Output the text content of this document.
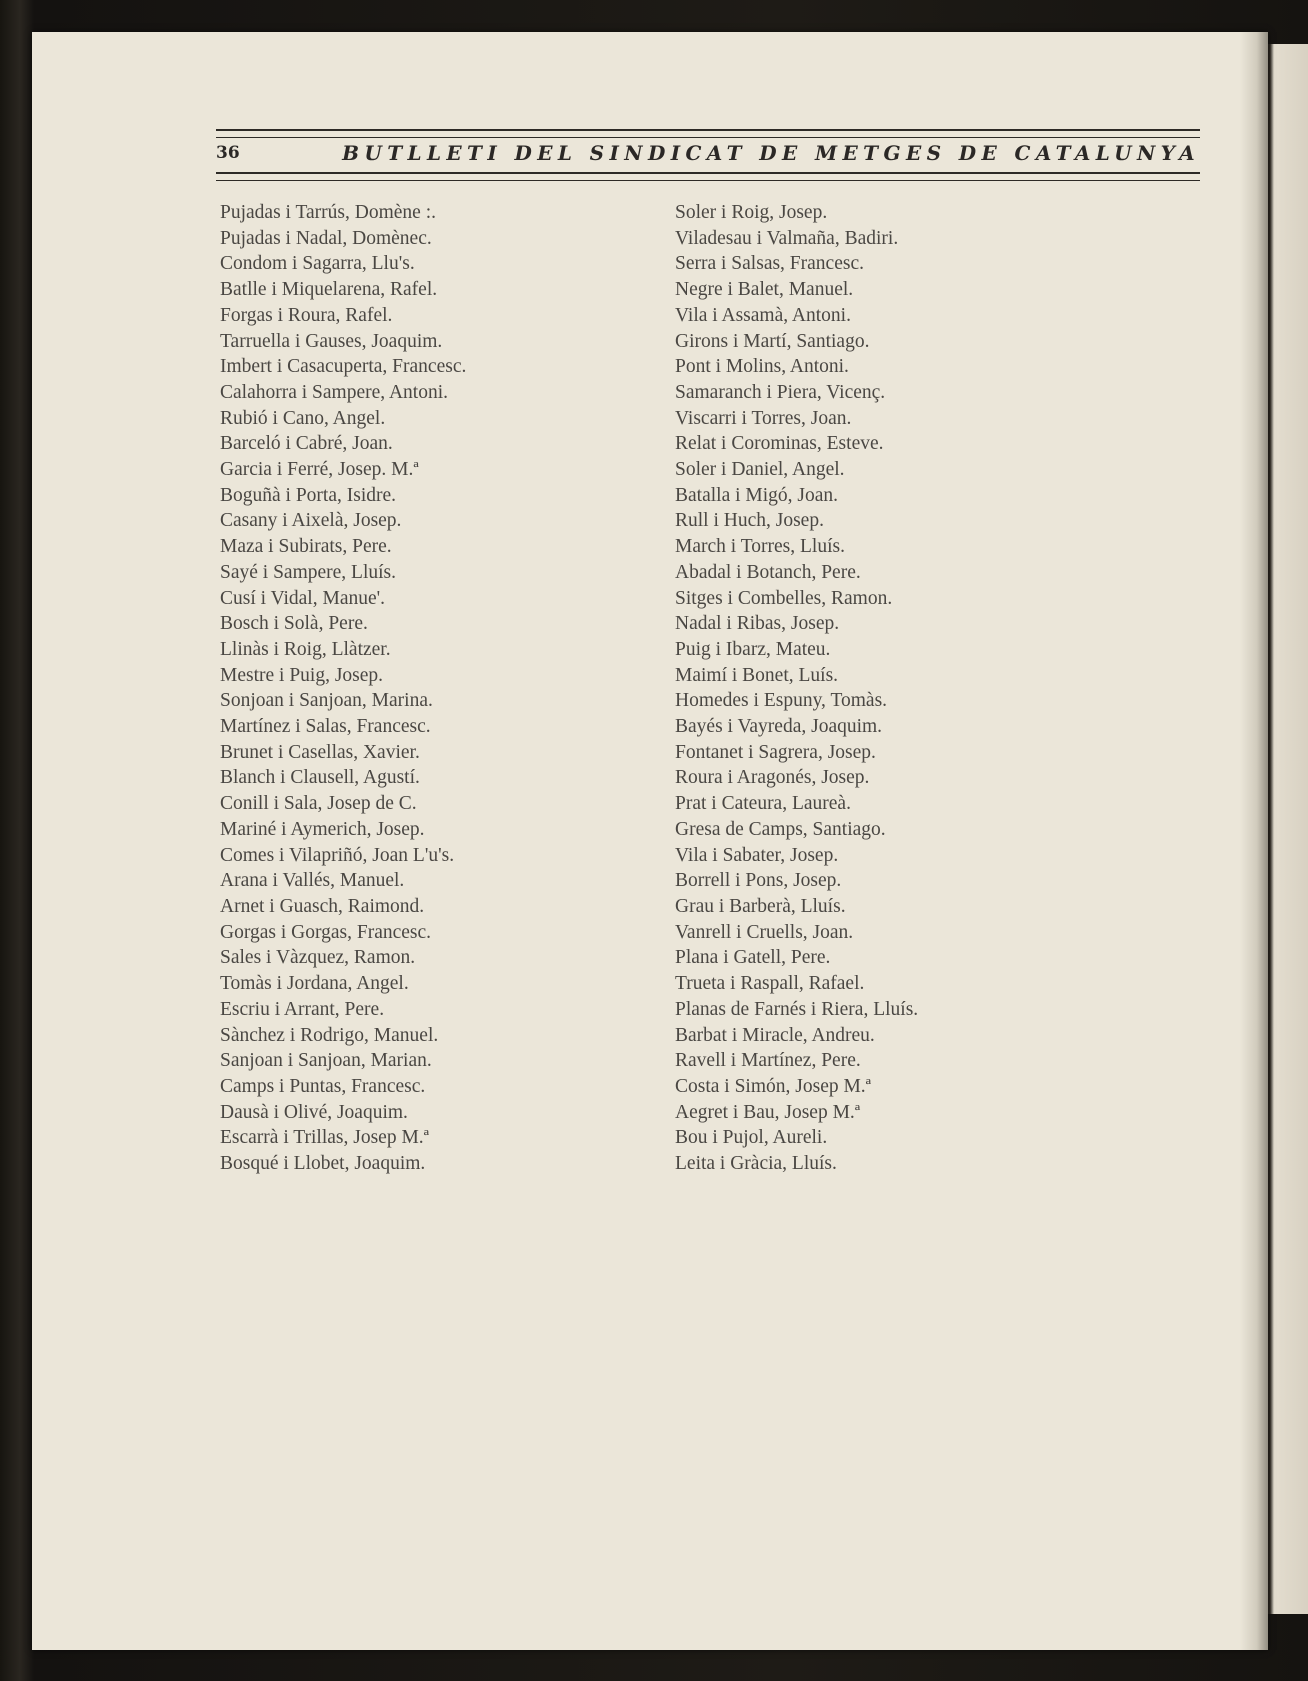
36	BUTLLETI DEL SINDICAT DE METGES DE CATALUNYA
Pujadas i Tarrús, Domène :.
Pujadas i Nadal, Domènec.
Condom i Sagarra, Llu's.
Batlle i Miquelarena, Rafel.
Forgas i Roura, Rafel.
Tarruella i Gauses, Joaquim.
Imbert i Casacuperta, Francesc.
Calahorra i Sampere, Antoni.
Rubió i Cano, Angel.
Barceló i Cabré, Joan.
Garcia i Ferré, Josep. M.ª
Boguñà i Porta, Isidre.
Casany i Aixelà, Josep.
Maza i Subirats, Pere.
Sayé i Sampere, Lluís.
Cusí i Vidal, Manue'.
Bosch i Solà, Pere.
Llinàs i Roig, Llàtzer.
Mestre i Puig, Josep.
Sonjoan i Sanjoan, Marina.
Martínez i Salas, Francesc.
Brunet i Casellas, Xavier.
Blanch i Clausell, Agustí.
Conill i Sala, Josep de C.
Mariné i Aymerich, Josep.
Comes i Vilapriñó, Joan L'u's.
Arana i Vallés, Manuel.
Arnet i Guasch, Raimond.
Gorgas i Gorgas, Francesc.
Sales i Vàzquez, Ramon.
Tomàs i Jordana, Angel.
Escriu i Arrant, Pere.
Sànchez i Rodrigo, Manuel.
Sanjoan i Sanjoan, Marian.
Camps i Puntas, Francesc.
Dausà i Olivé, Joaquim.
Escarrà i Trillas, Josep M.ª
Bosqué i Llobet, Joaquim.
Soler i Roig, Josep.
Viladesau i Valmaña, Badiri.
Serra i Salsas, Francesc.
Negre i Balet, Manuel.
Vila i Assamà, Antoni.
Girons i Martí, Santiago.
Pont i Molins, Antoni.
Samaranch i Piera, Vicenç.
Viscarri i Torres, Joan.
Relat i Corominas, Esteve.
Soler i Daniel, Angel.
Batalla i Migó, Joan.
Rull i Huch, Josep.
March i Torres, Lluís.
Abadal i Botanch, Pere.
Sitges i Combelles, Ramon.
Nadal i Ribas, Josep.
Puig i Ibarz, Mateu.
Maimí i Bonet, Luís.
Homedes i Espuny, Tomàs.
Bayés i Vayreda, Joaquim.
Fontanet i Sagrera, Josep.
Roura i Aragonés, Josep.
Prat i Cateura, Laureà.
Gresa de Camps, Santiago.
Vila i Sabater, Josep.
Borrell i Pons, Josep.
Grau i Barberà, Lluís.
Vanrell i Cruells, Joan.
Plana i Gatell, Pere.
Trueta i Raspall, Rafael.
Planas de Farnés i Riera, Lluís.
Barbat i Miracle, Andreu.
Ravell i Martínez, Pere.
Costa i Simón, Josep M.ª
Aegret i Bau, Josep M.ª
Bou i Pujol, Aureli.
Leita i Gràcia, Lluís.
